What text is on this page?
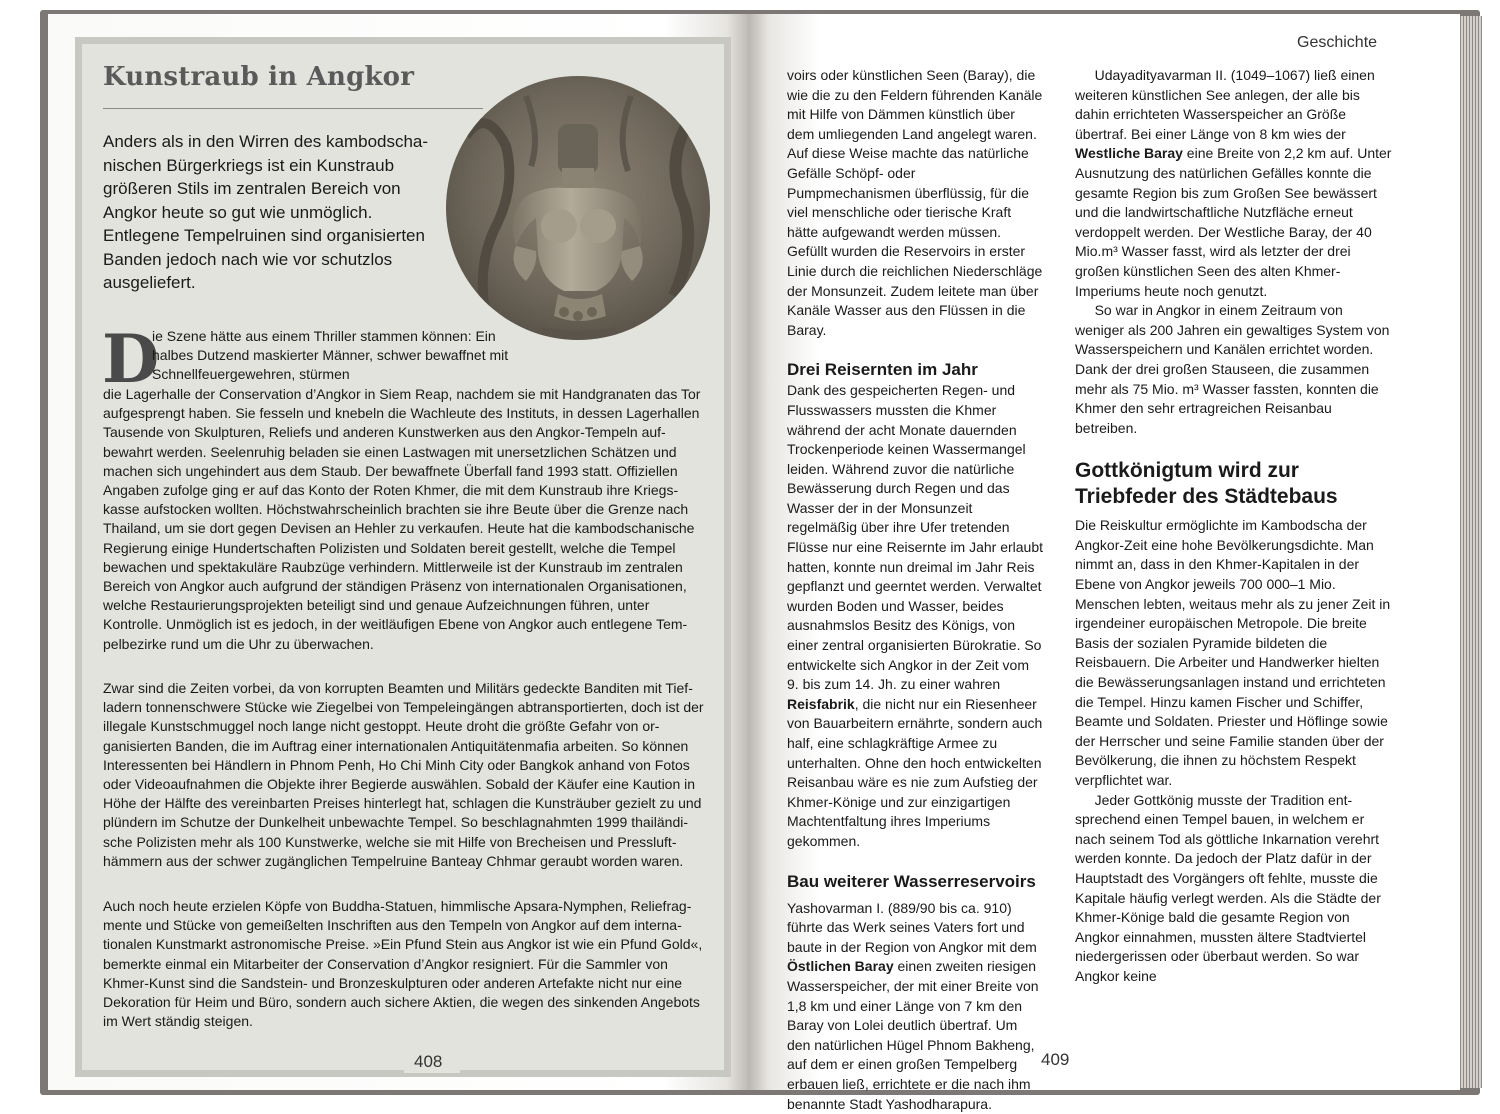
Kunstraub in Angkor

Anders als in den Wirren des kambodschanischen Bürgerkriegs ist ein Kunstraub größeren Stils im zentralen Bereich von Angkor heute so gut wie unmöglich. Entlegene Tempelruinen sind organisierten Banden jedoch nach wie vor schutzlos ausgeliefert.

D

ie Szene hätte aus einem Thriller stammen können: Ein halbes Dutzend maskierter Männer, schwer bewaffnet mit Schnellfeuergewehren, stürmen

die Lagerhalle der Conservation d’Angkor in Siem Reap, nachdem sie mit Handgranaten das Tor aufgesprengt haben. Sie fesseln und knebeln die Wachleute des Instituts, in dessen Lagerhallen Tausende von Skulpturen, Reliefs und anderen Kunstwerken aus den Angkor-Tempeln aufbewahrt werden. Seelenruhig beladen sie einen Lastwagen mit unersetzlichen Schätzen und machen sich ungehindert aus dem Staub. Der bewaffnete Überfall fand 1993 statt. Offiziellen Angaben zufolge ging er auf das Konto der Roten Khmer, die mit dem Kunstraub ihre Kriegskasse aufstocken wollten. Höchstwahrscheinlich brachten sie ihre Beute über die Grenze nach Thailand, um sie dort gegen Devisen an Hehler zu verkaufen. Heute hat die kambodschanische Regierung einige Hundertschaften Polizisten und Soldaten bereit gestellt, welche die Tempel bewachen und spektakuläre Raubzüge verhindern. Mittlerweile ist der Kunstraub im zentralen Bereich von Angkor auch aufgrund der ständigen Präsenz von internationalen Organisationen, welche Restaurierungsprojekten beteiligt sind und genaue Aufzeichnungen führen, unter Kontrolle. Unmöglich ist es jedoch, in der weitläufigen Ebene von Angkor auch entlegene Tempelbezirke rund um die Uhr zu überwachen.

Zwar sind die Zeiten vorbei, da von korrupten Beamten und Militärs gedeckte Banditen mit Tiefladern tonnenschwere Stücke wie Ziegelbei von Tempeleingängen abtransportierten, doch ist der illegale Kunstschmuggel noch lange nicht gestoppt. Heute droht die größte Gefahr von organisierten Banden, die im Auftrag einer internationalen Antiquitätenmafia arbeiten. So können Interessenten bei Händlern in Phnom Penh, Ho Chi Minh City oder Bangkok anhand von Fotos oder Videoaufnahmen die Objekte ihrer Begierde auswählen. Sobald der Käufer eine Kaution in Höhe der Hälfte des vereinbarten Preises hinterlegt hat, schlagen die Kunsträuber gezielt zu und plündern im Schutze der Dunkelheit unbewachte Tempel. So beschlagnahmten 1999 thailändische Polizisten mehr als 100 Kunstwerke, welche sie mit Hilfe von Brecheisen und Presslufthämmern aus der schwer zugänglichen Tempelruine Banteay Chhmar geraubt worden waren.

Auch noch heute erzielen Köpfe von Buddha-Statuen, himmlische Apsara-Nymphen, Reliefragmente und Stücke von gemeißelten Inschriften aus den Tempeln von Angkor auf dem internationalen Kunstmarkt astronomische Preise. »Ein Pfund Stein aus Angkor ist wie ein Pfund Gold«, bemerkte einmal ein Mitarbeiter der Conservation d’Angkor resigniert. Für die Sammler von Khmer-Kunst sind die Sandstein- und Bronzeskulpturen oder anderen Artefakte nicht nur eine Dekoration für Heim und Büro, sondern auch sichere Aktien, die wegen des sinkenden Angebots im Wert ständig steigen.

408
Geschichte

voirs oder künstlichen Seen (Baray), die wie die zu den Feldern führenden Kanäle mit Hilfe von Dämmen künstlich über dem umliegenden Land angelegt waren. Auf diese Weise machte das natürliche Gefälle Schöpf- oder Pumpmechanismen überflüssig, für die viel menschliche oder tierische Kraft hätte aufgewandt werden müssen. Gefüllt wurden die Reservoirs in erster Linie durch die reichlichen Niederschläge der Monsunzeit. Zudem leitete man über Kanäle Wasser aus den Flüssen in die Baray.

Drei Reisernten im Jahr

Dank des gespeicherten Regen- und Flusswassers mussten die Khmer während der acht Monate dauernden Trockenperiode keinen Wassermangel leiden. Während zuvor die natürliche Bewässerung durch Regen und das Wasser der in der Monsunzeit regelmäßig über ihre Ufer tretenden Flüsse nur eine Reisernte im Jahr erlaubt hatten, konnte nun dreimal im Jahr Reis gepflanzt und geerntet werden. Verwaltet wurden Boden und Wasser, beides ausnahmslos Besitz des Königs, von einer zentral organisierten Bürokratie. So entwickelte sich Angkor in der Zeit vom 9. bis zum 14. Jh. zu einer wahren Reisfabrik, die nicht nur ein Riesenheer von Bauarbeitern ernährte, sondern auch half, eine schlagkräftige Armee zu unterhalten. Ohne den hoch entwickelten Reisanbau wäre es nie zum Aufstieg der Khmer-Könige und zur einzigartigen Machtentfaltung ihres Imperiums gekommen.

Bau weiterer Wasserreservoirs

Yashovarman I. (889/90 bis ca. 910) führte das Werk seines Vaters fort und baute in der Region von Angkor mit dem Östlichen Baray einen zweiten riesigen Wasserspeicher, der mit einer Breite von 1,8 km und einer Länge von 7 km den Baray von Lolei deutlich übertraf. Um den natürlichen Hügel Phnom Bakheng, auf dem er einen großen Tempelberg erbauen ließ, errichtete er die nach ihm benannte Stadt Yashodharapura.

Udayadityavarman II. (1049–1067) ließ einen weiteren künstlichen See anlegen, der alle bis dahin errichteten Wasserspeicher an Größe übertraf. Bei einer Länge von 8 km wies der Westliche Baray eine Breite von 2,2 km auf. Unter Ausnutzung des natürlichen Gefälles konnte die gesamte Region bis zum Großen See bewässert und die landwirtschaftliche Nutzfläche erneut verdoppelt werden. Der Westliche Baray, der 40 Mio.m³ Wasser fasst, wird als letzter der drei großen künstlichen Seen des alten Khmer-Imperiums heute noch genutzt.

So war in Angkor in einem Zeitraum von weniger als 200 Jahren ein gewaltiges System von Wasserspeichern und Kanälen errichtet worden. Dank der drei großen Stauseen, die zusammen mehr als 75 Mio. m³ Wasser fassten, konnten die Khmer den sehr ertragreichen Reisanbau betreiben.

Gottkönigtum wird zur Triebfeder des Städtebaus

Die Reiskultur ermöglichte im Kambodscha der Angkor-Zeit eine hohe Bevölkerungsdichte. Man nimmt an, dass in den Khmer-Kapitalen in der Ebene von Angkor jeweils 700 000–1 Mio. Menschen lebten, weitaus mehr als zu jener Zeit in irgendeiner europäischen Metropole. Die breite Basis der sozialen Pyramide bildeten die Reisbauern. Die Arbeiter und Handwerker hielten die Bewässerungsanlagen instand und errichteten die Tempel. Hinzu kamen Fischer und Schiffer, Beamte und Soldaten. Priester und Höflinge sowie der Herrscher und seine Familie standen über der Bevölkerung, die ihnen zu höchstem Respekt verpflichtet war.

Jeder Gottkönig musste der Tradition entsprechend einen Tempel bauen, in welchem er nach seinem Tod als göttliche Inkarnation verehrt werden konnte. Da jedoch der Platz dafür in der Hauptstadt des Vorgängers oft fehlte, musste die Kapitale häufig verlegt werden. Als die Städte der Khmer-Könige bald die gesamte Region von Angkor einnahmen, mussten ältere Stadtviertel niedergerissen oder überbaut werden. So war Angkor keine

409
